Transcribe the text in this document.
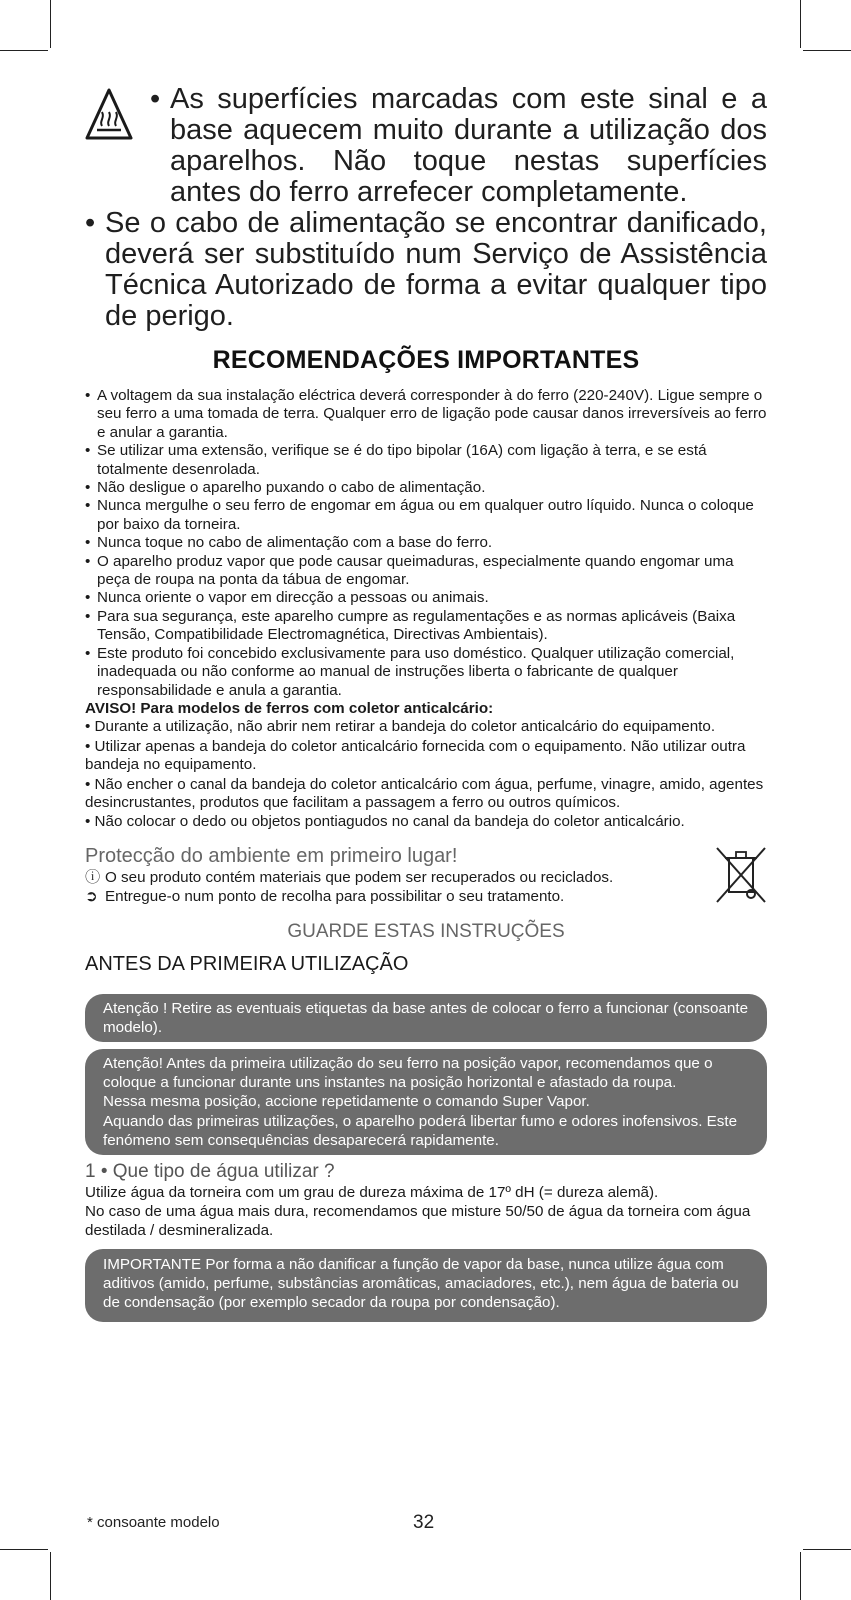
• As superfícies marcadas com este sinal e a base aquecem muito durante a utilização dos aparelhos. Não toque nestas superfícies antes do ferro arrefecer completamente.
• Se o cabo de alimentação se encontrar danificado, deverá ser substituído num Serviço de Assistência Técnica Autorizado de forma a evitar qualquer tipo de perigo.
RECOMENDAÇÕES IMPORTANTES
• A voltagem da sua instalação eléctrica deverá corresponder à do ferro (220-240V). Ligue sempre o seu ferro a uma tomada de terra. Qualquer erro de ligação pode causar danos irreversíveis ao ferro e anular a garantia.
• Se utilizar uma extensão, verifique se é do tipo bipolar (16A) com ligação à terra, e se está totalmente desenrolada.
• Não desligue o aparelho puxando o cabo de alimentação.
• Nunca mergulhe o seu ferro de engomar em água ou em qualquer outro líquido. Nunca o coloque por baixo da torneira.
• Nunca toque no cabo de alimentação com a base do ferro.
• O aparelho produz vapor que pode causar queimaduras, especialmente quando engomar uma peça de roupa na ponta da tábua de engomar.
• Nunca oriente o vapor em direcção a pessoas ou animais.
• Para sua segurança, este aparelho cumpre as regulamentações e as normas aplicáveis (Baixa Tensão, Compatibilidade Electromagnética, Directivas Ambientais).
• Este produto foi concebido exclusivamente para uso doméstico. Qualquer utilização comercial, inadequada ou não conforme ao manual de instruções liberta o fabricante de qualquer responsabilidade e anula a garantia.
AVISO! Para modelos de ferros com coletor anticalcário:

• Durante a utilização, não abrir nem retirar a bandeja do coletor anticalcário do equipamento.

• Utilizar apenas a bandeja do coletor anticalcário fornecida com o equipamento. Não utilizar outra bandeja no equipamento.

• Não encher o canal da bandeja do coletor anticalcário com água, perfume, vinagre, amido, agentes desincrustantes, produtos que facilitam a passagem a ferro ou outros químicos.

• Não colocar o dedo ou objetos pontiagudos no canal da bandeja do coletor anticalcário.

Protecção do ambiente em primeiro lugar!
ⓘ O seu produto contém materiais que podem ser recuperados ou reciclados.
➲ Entregue-o num ponto de recolha para possibilitar o seu tratamento.
GUARDE ESTAS INSTRUÇÕES
ANTES DA PRIMEIRA UTILIZAÇÃO

Atenção ! Retire as eventuais etiquetas da base antes de colocar o ferro a funcionar (consoante modelo).

Atenção! Antes da primeira utilização do seu ferro na posição vapor, recomendamos que o coloque a funcionar durante uns instantes na posição horizontal e afastado da roupa.

Nessa mesma posição, accione repetidamente o comando Super Vapor.

Aquando das primeiras utilizações, o aparelho poderá libertar fumo e odores inofensivos. Este fenómeno sem consequências desaparecerá rapidamente.

1 • Que tipo de água utilizar ?
Utilize água da torneira com um grau de dureza máxima de 17º dH (= dureza alemã).
No caso de uma água mais dura, recomendamos que misture 50/50 de água da torneira com água destilada / desmineralizada.

IMPORTANTE Por forma a não danificar a função de vapor da base, nunca utilize água com aditivos (amido, perfume, substâncias aromâticas, amaciadores, etc.), nem água de bateria ou de condensação (por exemplo secador da roupa por condensação).

* consoante modelo	32
